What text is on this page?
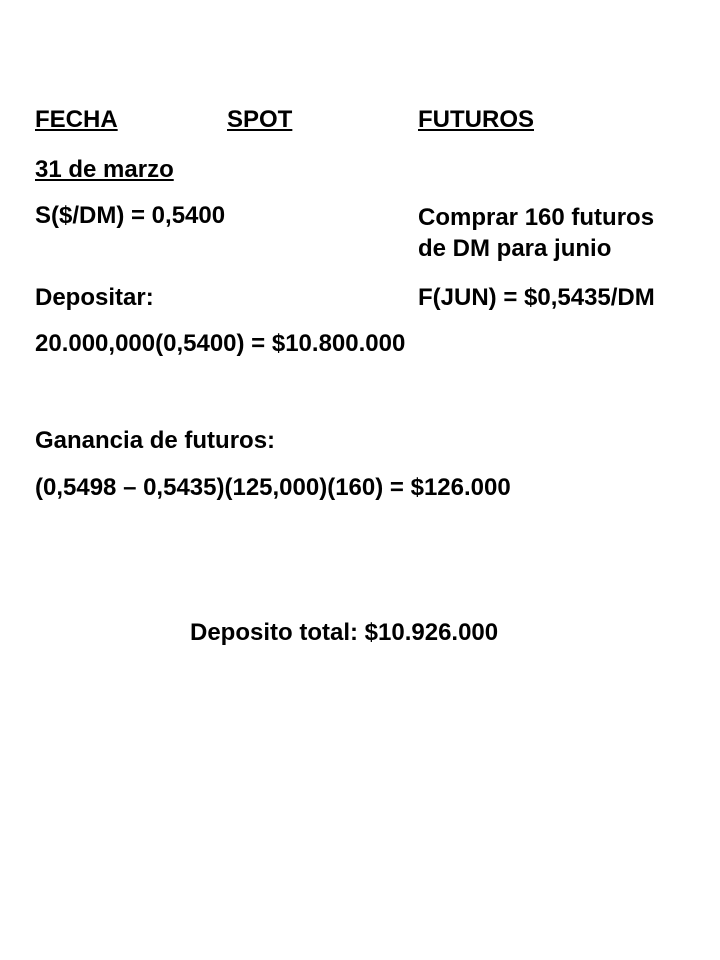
FECHA	SPOT	FUTUROS
31 de marzo
S($/DM) = 0,5400	Comprar 160 futuros
de DM para junio
Depositar:	F(JUN) = $0,5435/DM
20.000,000(0,5400) = $10.800.000
Ganancia de futuros:
(0,5498 – 0,5435)(125,000)(160) = $126.000
Deposito total: $10.926.000
